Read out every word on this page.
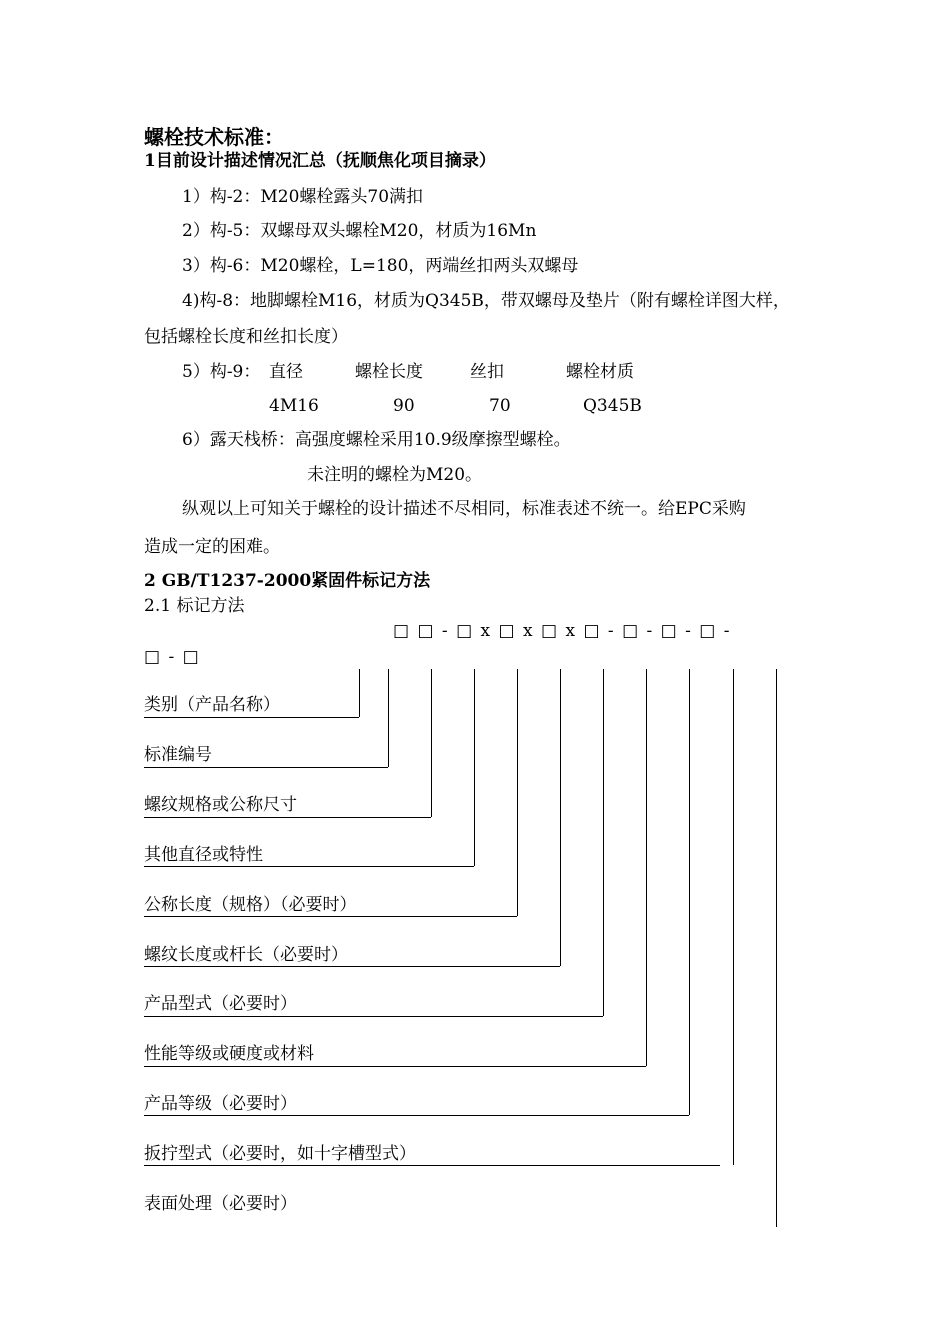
螺栓技术标准：
1目前设计描述情况汇总（抚顺焦化项目摘录）
1）构-2：M20螺栓露头70满扣
2）构-5：双螺母双头螺栓M20，材质为16Mn
3）构-6：M20螺栓，L=180，两端丝扣两头双螺母
4)构-8：地脚螺栓M16，材质为Q345B，带双螺母及垫片（附有螺栓详图大样，
包括螺栓长度和丝扣长度）
5）构-9： 直径	螺栓长度	丝扣	螺栓材质
4M16	90	70	Q345B
6）露天栈桥：高强度螺栓采用10.9级摩擦型螺栓。
未注明的螺栓为M20。
纵观以上可知关于螺栓的设计描述不尽相同，标准表述不统一。给EPC采购
造成一定的困难。
2 GB/T1237-2000紧固件标记方法
2.1 标记方法
□ □ - □ x □ x □ x □ - □ - □ - □ -
□ - □
类别（产品名称）
标准编号
螺纹规格或公称尺寸
其他直径或特性
公称长度（规格）（必要时）
螺纹长度或杆长（必要时）
产品型式（必要时）
性能等级或硬度或材料
产品等级（必要时）
扳拧型式（必要时，如十字槽型式）
表面处理（必要时）
